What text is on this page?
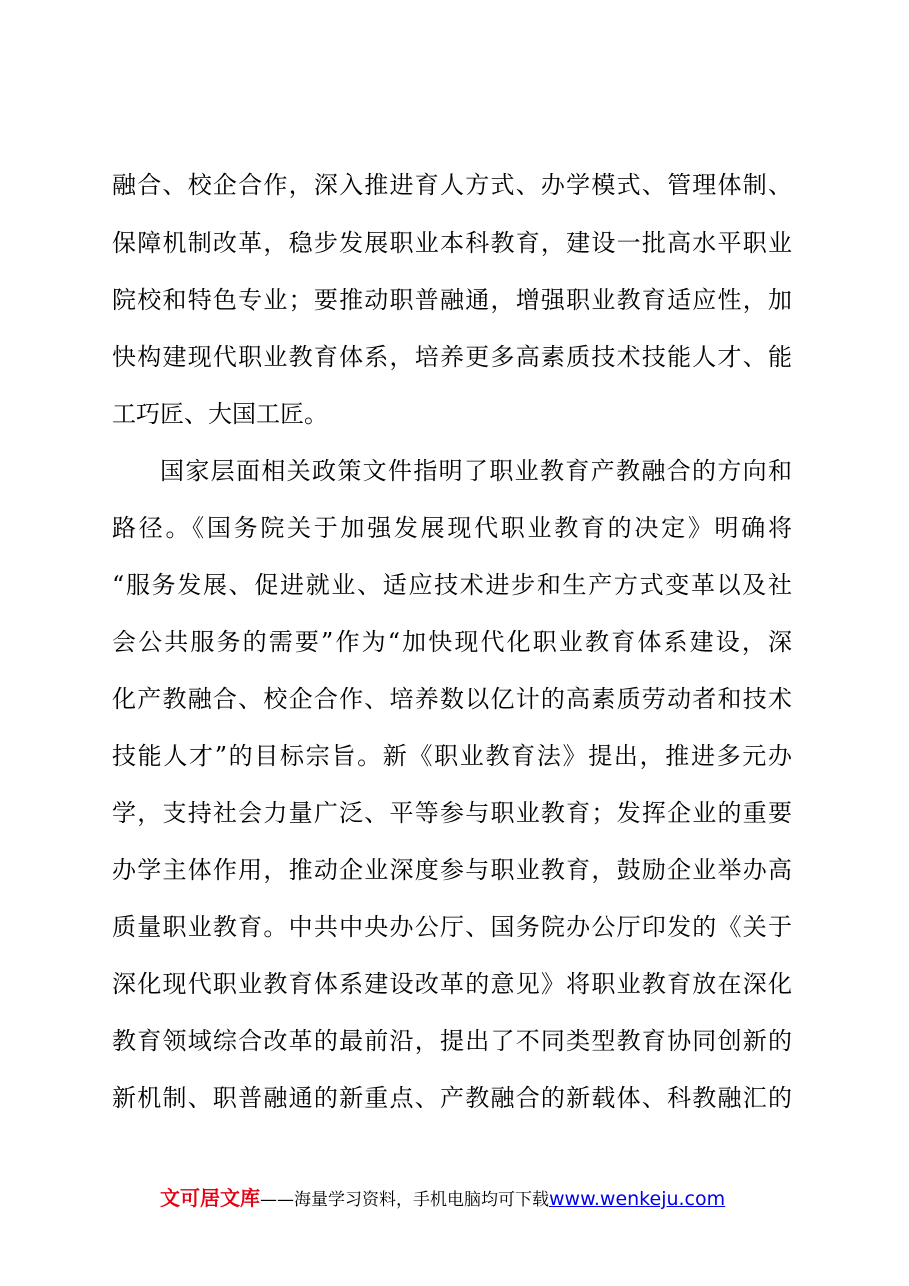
融合、校企合作，深入推进育人方式、办学模式、管理体制、
保障机制改革，稳步发展职业本科教育，建设一批高水平职业
院校和特色专业；要推动职普融通，增强职业教育适应性，加
快构建现代职业教育体系，培养更多高素质技术技能人才、能
工巧匠、大国工匠。
国家层面相关政策文件指明了职业教育产教融合的方向和
路径。《国务院关于加强发展现代职业教育的决定》明确将
“服务发展、促进就业、适应技术进步和生产方式变革以及社
会公共服务的需要”作为“加快现代化职业教育体系建设，深
化产教融合、校企合作、培养数以亿计的高素质劳动者和技术
技能人才”的目标宗旨。新《职业教育法》提出，推进多元办
学，支持社会力量广泛、平等参与职业教育；发挥企业的重要
办学主体作用，推动企业深度参与职业教育，鼓励企业举办高
质量职业教育。中共中央办公厅、国务院办公厅印发的《关于
深化现代职业教育体系建设改革的意见》将职业教育放在深化
教育领域综合改革的最前沿，提出了不同类型教育协同创新的
新机制、职普融通的新重点、产教融合的新载体、科教融汇的
文可居文库——海量学习资料，手机电脑均可下载www.wenkeju.com
